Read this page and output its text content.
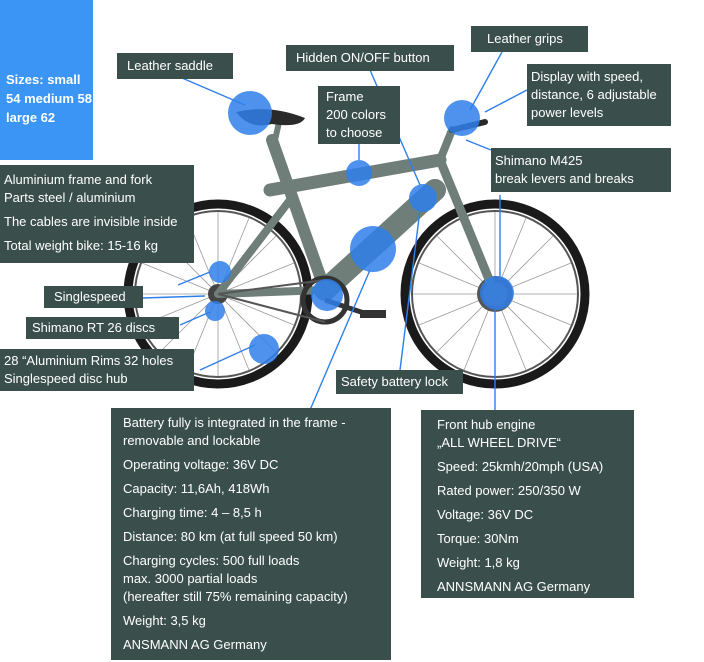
Sizes: small 54 medium 58 large 62
Leather saddle
Hidden ON/OFF button
Leather grips
Frame
200 colors
to choose
Display with speed,
distance, 6 adjustable
power levels
Shimano M425
break levers and breaks
Aluminium frame and fork
Parts steel / aluminium
The cables are invisible inside
Total weight bike: 15-16 kg
Singlespeed
Shimano RT 26 discs
28 “Aluminium Rims 32 holes
Singlespeed disc hub	Safety battery lock
Battery fully is integrated in the frame -
removable and lockable
Operating voltage: 36V DC
Capacity: 11,6Ah, 418Wh
Charging time: 4 – 8,5 h
Distance: 80 km (at full speed 50 km)
Charging cycles: 500 full loads
max. 3000 partial loads
(hereafter still 75% remaining capacity)
Weight: 3,5 kg
ANSMANN AG Germany
Front hub engine
„ALL WHEEL DRIVE“
Speed: 25kmh/20mph (USA)
Rated power: 250/350 W
Voltage: 36V DC
Torque: 30Nm
Weight: 1,8 kg
ANNSMANN AG Germany
